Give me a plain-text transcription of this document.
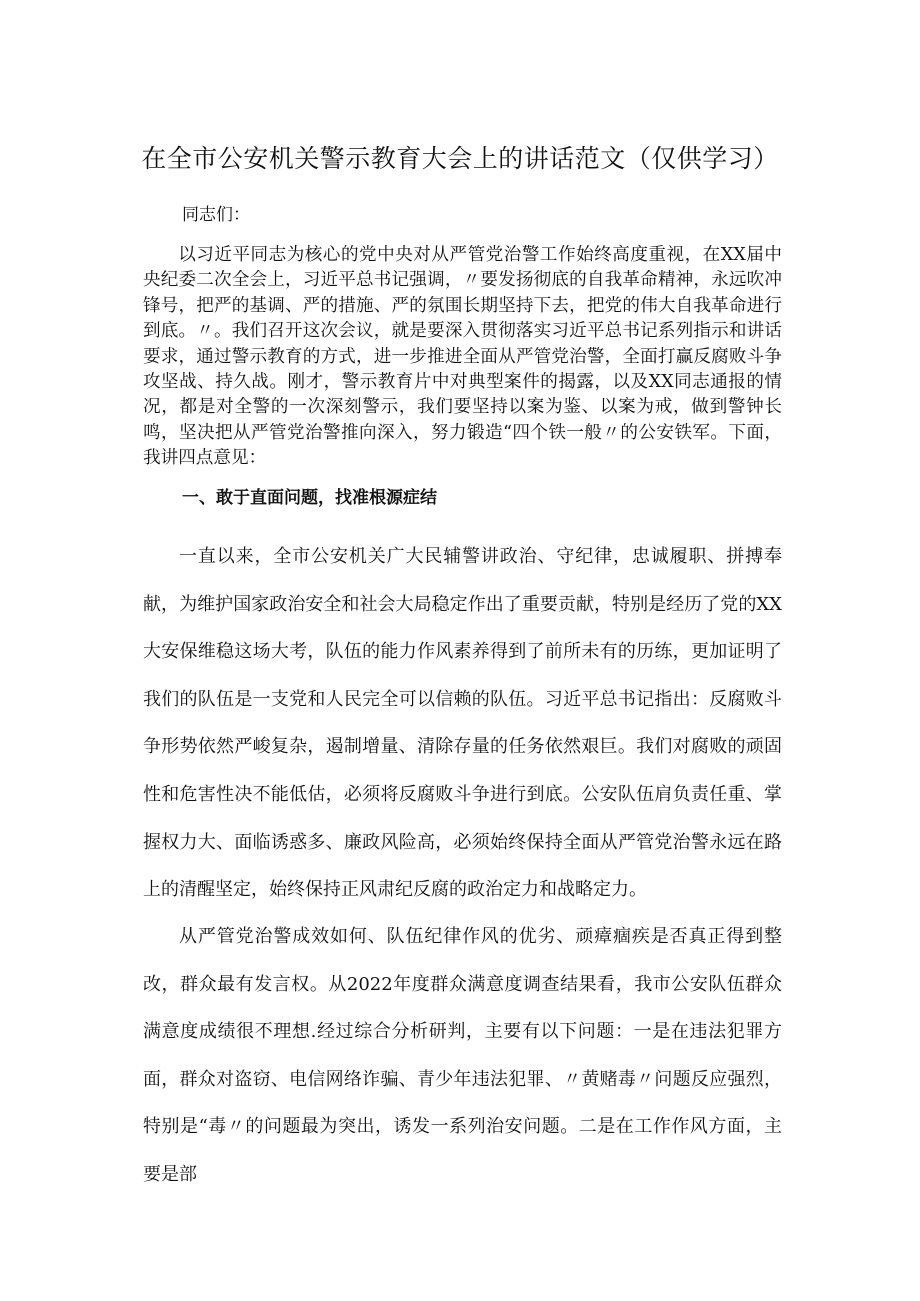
在全市公安机关警示教育大会上的讲话范文（仅供学习）
同志们：

以习近平同志为核心的党中央对从严管党治警工作始终高度重视，在XX届中央纪委二次全会上，习近平总书记强调，〃要发扬彻底的自我革命精神，永远吹冲锋号，把严的基调、严的措施、严的氛围长期坚持下去，把党的伟大自我革命进行到底。〃。我们召开这次会议，就是要深入贯彻落实习近平总书记系列指示和讲话要求，通过警示教育的方式，进一步推进全面从严管党治警，全面打赢反腐败斗争攻坚战、持久战。刚才，警示教育片中对典型案件的揭露，以及XX同志通报的情况，都是对全警的一次深刻警示，我们要坚持以案为鉴、以案为戒，做到警钟长鸣，坚决把从严管党治警推向深入，努力锻造“四个铁一般〃的公安铁军。下面，我讲四点意见：

一、敢于直面问题，找准根源症结

一直以来，全市公安机关广大民辅警讲政治、守纪律，忠诚履职、拼搏奉献，为维护国家政治安全和社会大局稳定作出了重要贡献，特别是经历了党的XX大安保维稳这场大考，队伍的能力作风素养得到了前所未有的历练，更加证明了我们的队伍是一支党和人民完全可以信赖的队伍。习近平总书记指出：反腐败斗争形势依然严峻复杂，遏制增量、清除存量的任务依然艰巨。我们对腐败的顽固性和危害性决不能低估，必须将反腐败斗争进行到底。公安队伍肩负责任重、掌握权力大、面临诱惑多、廉政风险高，必须始终保持全面从严管党治警永远在路上的清醒坚定，始终保持正风肃纪反腐的政治定力和战略定力。

从严管党治警成效如何、队伍纪律作风的优劣、顽瘴痼疾是否真正得到整改，群众最有发言权。从2022年度群众满意度调查结果看，我市公安队伍群众满意度成绩很不理想.经过综合分析研判，主要有以下问题：一是在违法犯罪方面，群众对盗窃、电信网络诈骗、青少年违法犯罪、〃黄赌毒〃问题反应强烈，特别是“毒〃的问题最为突出，诱发一系列治安问题。二是在工作作风方面，主要是部
